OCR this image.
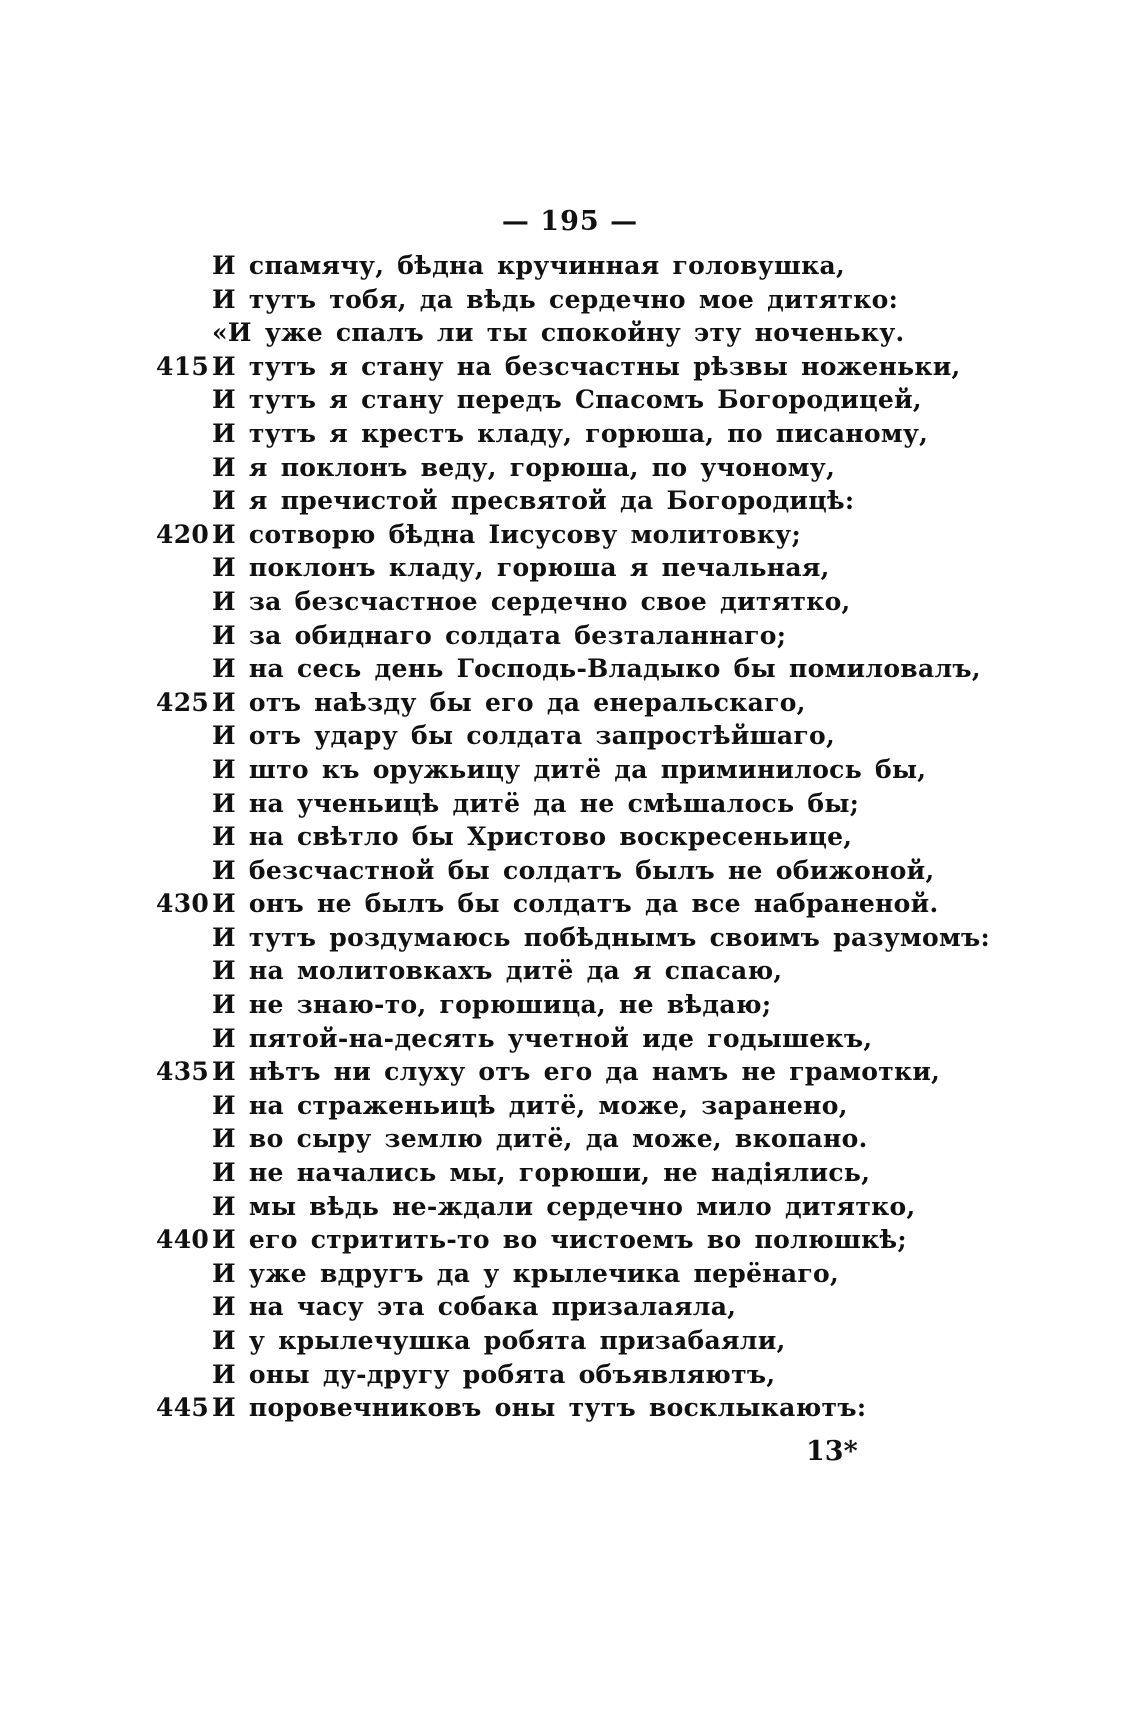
— 195 —
И спамячу, бѣдна кручинная головушка,
И тутъ тобя, да вѣдь сердечно мое дитятко:
«И уже спалъ ли ты спокойну эту ноченьку.
415 И тутъ я стану на безсчастны рѣзвы ноженьки,
И тутъ я стану передъ Спасомъ Богородицей,
И тутъ я крестъ кладу, горюша, по писаному,
И я поклонъ веду, горюша, по учоному,
И я пречистой пресвятой да Богородицѣ:
420 И сотворю бѣдна Іисусову молитовку;
И поклонъ кладу, горюша я печальная,
И за безсчастное сердечно свое дитятко,
И за обиднаго солдата безталаннаго;
И на сесь день Господь-Владыко бы помиловалъ,
425 И отъ наѣзду бы его да енеральскаго,
И отъ удару бы солдата запростѣйшаго,
И што къ оружьицу дитё да приминилось бы,
И на ученьицѣ дитё да не смѣшалось бы;
И на свѣтло бы Христово воскресеньице,
И безсчастной бы солдатъ былъ не обижоной,
430 И онъ не былъ бы солдатъ да все набраненой.
И тутъ роздумаюсь побѣднымъ своимъ разумомъ:
И на молитовкахъ дитё да я спасаю,
И не знаю-то, горюшица, не вѣдаю;
И пятой-на-десять учетной иде годышекъ,
435 И нѣтъ ни слуху отъ его да намъ не грамотки,
И на страженьицѣ дитё, може, заранено,
И во сыру землю дитё, да може, вкопано.
И не начались мы, горюши, не надіялись,
И мы вѣдь не-ждали сердечно мило дитятко,
440 И его стритить-то во чистоемъ во полюшкѣ;
И уже вдругъ да у крылечика перёнаго,
И на часу эта собака призалаяла,
И у крылечушка робята призабаяли,
И оны ду-другу робята объявляютъ,
445 И поровечниковъ оны тутъ восклыкаютъ:
13*
